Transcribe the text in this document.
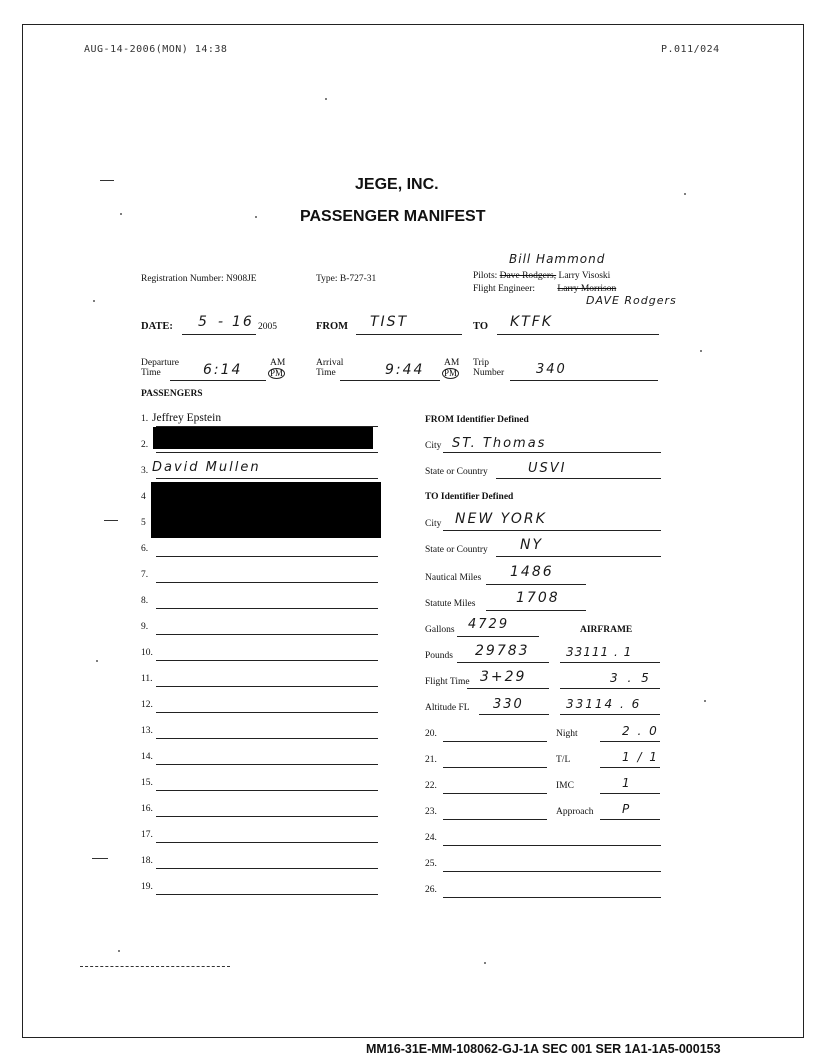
AUG-14-2006(MON) 14:38	P.011/024
JEGE, INC.
PASSENGER MANIFEST
Registration Number: N908JE	Type: B-727-31
Bill Hammond
Pilots: Dave Rodgers, Larry Visoski
Flight Engineer: Larry Morrison
DAVE Rodgers
DATE: 5 - 16 2005	FROM TIST	TO KTFK
Departure
Time	6:14	AM
PM
Arrival
Time	9:44 AM
PM
Trip
Number 340
PASSENGERS
1. Jeffrey Epstein
2.
3. David Mullen
4
5
6.
7.
8.
9.
10.
11.
12.
13.
14.
15.
16.
17.
18.
19.
FROM Identifier Defined
City ST. Thomas
State or Country	USVI
TO Identifier Defined
City NEW YORK
State or Country NY
Nautical Miles 1486
Statute Miles	1708
Gallons 4729	AIRFRAME
Pounds 29783	33111 . 1
Flight Time 3+29	3 . 5
Altitude FL 330	33114 . 6
20.	Night	2 . 0
21.	T/L	1 / 1
22.	IMC	1
23.	Approach P
24.
25.
26.
MM16-31E-MM-108062-GJ-1A SEC 001 SER 1A1-1A5-000153
